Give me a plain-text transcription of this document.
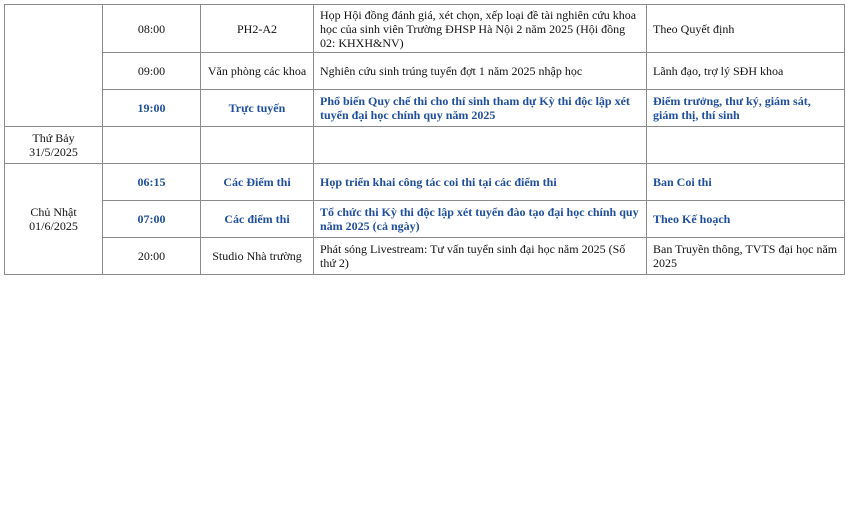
	08:00	PH2-A2	Họp Hội đồng đánh giá, xét chọn, xếp loại đề tài nghiên cứu khoa học của sinh viên Trường ĐHSP Hà Nội 2 năm 2025 (Hội đồng 02: KHXH&NV)	Theo Quyết định
	09:00	Văn phòng các khoa	Nghiên cứu sinh trúng tuyển đợt 1 năm 2025 nhập học	Lãnh đạo, trợ lý SĐH khoa
	19:00	Trực tuyến	Phổ biến Quy chế thi cho thí sinh tham dự Kỳ thi độc lập xét tuyển đại học chính quy năm 2025	Điểm trưởng, thư ký, giám sát, giám thị, thí sinh
Thứ Bảy 31/5/2025				
Chủ Nhật 01/6/2025	06:15	Các Điểm thi	Họp triển khai công tác coi thi tại các điểm thi	Ban Coi thi
	07:00	Các điểm thi	Tổ chức thi Kỳ thi độc lập xét tuyển đào tạo đại học chính quy năm 2025 (cả ngày)	Theo Kế hoạch
	20:00	Studio Nhà trường	Phát sóng Livestream: Tư vấn tuyển sinh đại học năm 2025 (Số thứ 2)	Ban Truyền thông, TVTS đại học năm 2025
